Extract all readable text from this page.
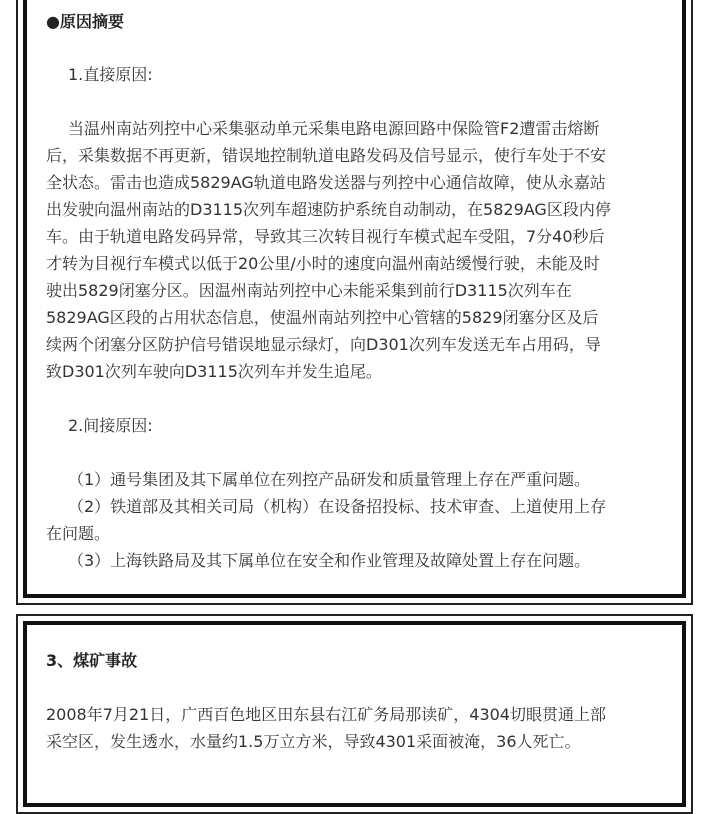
●原因摘要

1.直接原因:

当温州南站列控中心采集驱动单元采集电路电源回路中保险管F2遭雷击熔断

后，采集数据不再更新，错误地控制轨道电路发码及信号显示，使行车处于不安

全状态。雷击也造成5829AG轨道电路发送器与列控中心通信故障，使从永嘉站

出发驶向温州南站的D3115次列车超速防护系统自动制动，在5829AG区段内停

车。由于轨道电路发码异常，导致其三次转目视行车模式起车受阻，7分40秒后

才转为目视行车模式以低于20公里/小时的速度向温州南站缓慢行驶，未能及时

驶出5829闭塞分区。因温州南站列控中心未能采集到前行D3115次列车在

5829AG区段的占用状态信息，使温州南站列控中心管辖的5829闭塞分区及后

续两个闭塞分区防护信号错误地显示绿灯，向D301次列车发送无车占用码，导

致D301次列车驶向D3115次列车并发生追尾。

2.间接原因:

（1）通号集团及其下属单位在列控产品研发和质量管理上存在严重问题。

（2）铁道部及其相关司局（机构）在设备招投标、技术审查、上道使用上存

在问题。

（3）上海铁路局及其下属单位在安全和作业管理及故障处置上存在问题。

3、煤矿事故

2008年7月21日，广西百色地区田东县右江矿务局那读矿，4304切眼贯通上部

采空区，发生透水，水量约1.5万立方米，导致4301采面被淹，36人死亡。
